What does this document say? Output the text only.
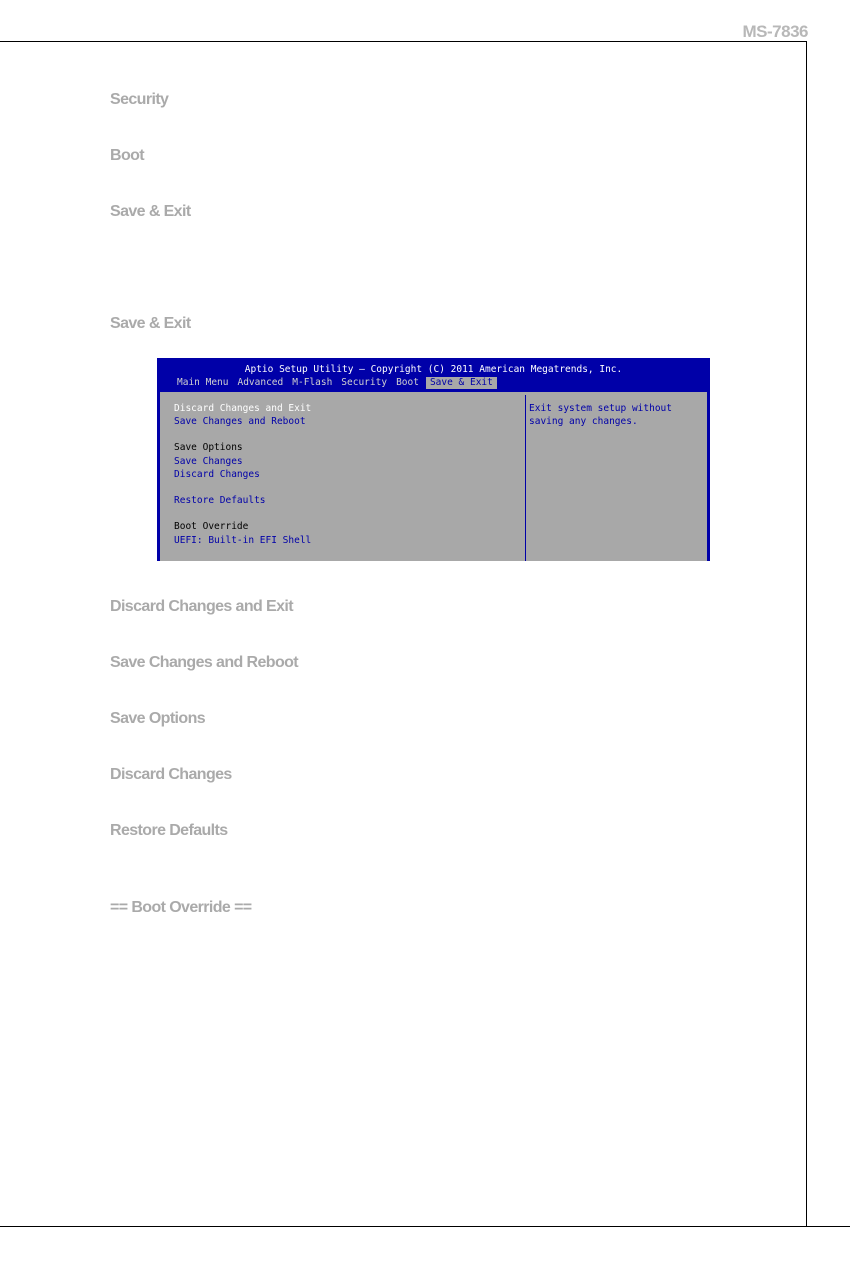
MS-7836
Security
Boot
Save & Exit
Save & Exit
Aptio Setup Utility – Copyright (C) 2011 American Megatrends, Inc.
Main Menu Advanced M-Flash Security Boot	Save & Exit
Discard Changes and Exit
Save Changes and Reboot
Save Options
Save Changes
Discard Changes
Restore Defaults
Boot Override
UEFI: Built-in EFI Shell
Exit system setup without
saving any changes.
Discard Changes and Exit
Save Changes and Reboot
Save Options
Discard Changes
Restore Defaults
== Boot Override ==
